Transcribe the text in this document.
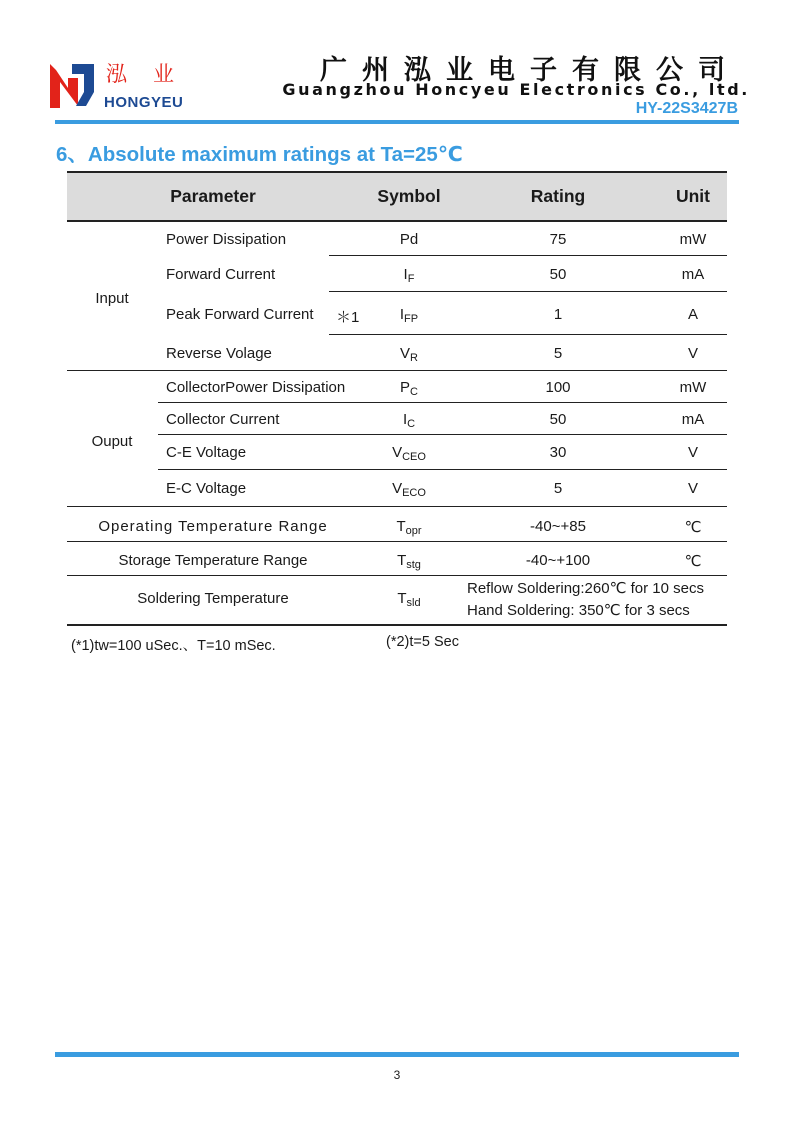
泓业
HONGYEU
广州泓业电子有限公司
Guangzhou Honcyeu Electronics Co., ltd.
HY-22S3427B
6、Absolute maximum ratings at Ta=25℃
Parameter	Symbol	Rating	Unit
Input
Power Dissipation	Pd	75	mW
Forward Current	$I_F$	50	mA
Peak Forward Current ＊1	$I_{FP}$	1	A
Reverse Volage	$V_R$	5	V
Ouput
CollectorPower Dissipation	$P_C$	100	mW
Collector Current	$I_C$	50	mA
C-E Voltage	$V_{CEO}$	30	V
E-C Voltage	$V_{ECO}$	5	V
Operating Temperature Range	$T_{opr}$	-40~+85	℃
Storage Temperature Range	$T_{stg}$	-40~+100	℃
Soldering Temperature	$T_{sld}$
Reflow Soldering:260℃ for 10 secs
Hand Soldering: 350℃ for 3 secs
(*1)tw=100 uSec.、T=10 mSec.	(*2)t=5 Sec
3
